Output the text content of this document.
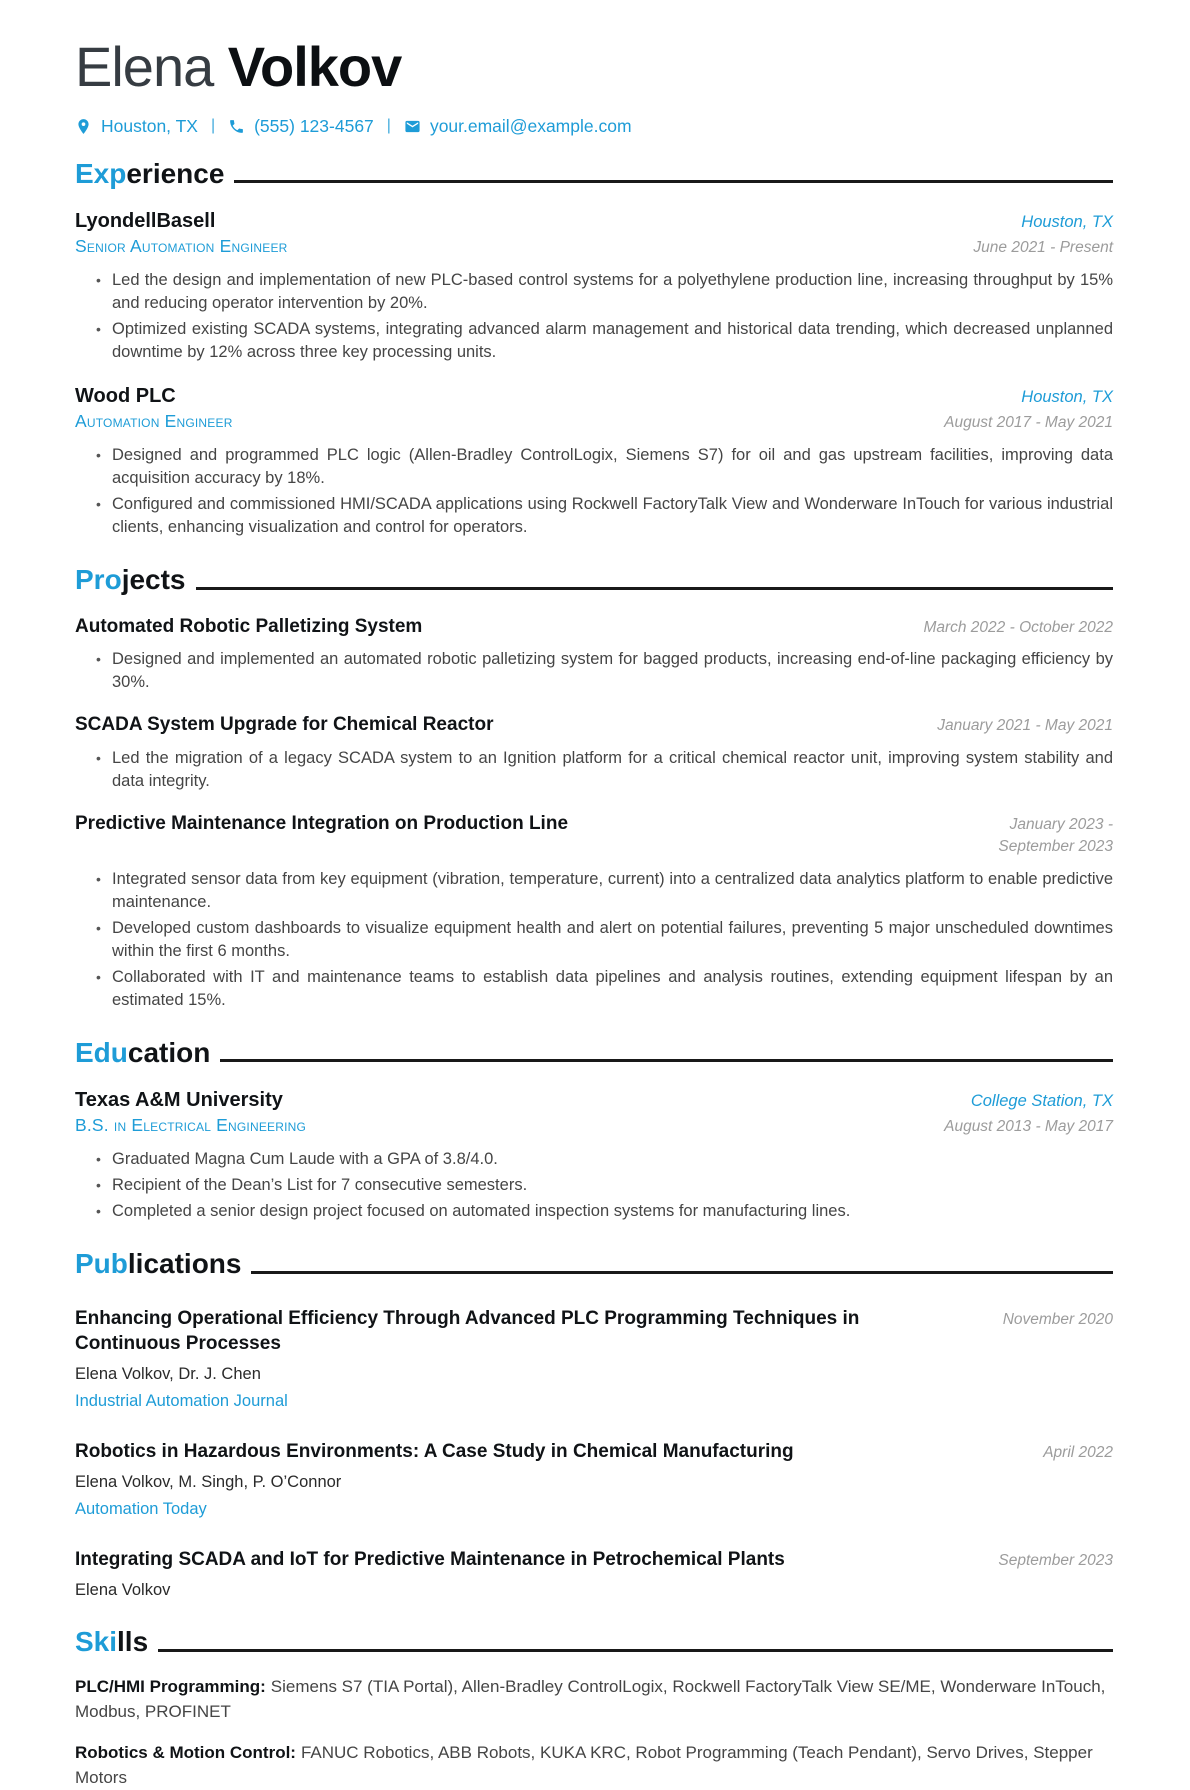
Elena Volkov
Houston, TX | (555) 123-4567 | your.email@example.com
Experience
LyondellBasell	Houston, TX
Senior Automation Engineer	June 2021 - Present
• Led the design and implementation of new PLC-based control systems for a polyethylene production line, increasing throughput by 15% and reducing operator intervention by 20%.
• Optimized existing SCADA systems, integrating advanced alarm management and historical data trending, which decreased unplanned downtime by 12% across three key processing units.
Wood PLC	Houston, TX
Automation Engineer	August 2017 - May 2021
• Designed and programmed PLC logic (Allen-Bradley ControlLogix, Siemens S7) for oil and gas upstream facilities, improving data acquisition accuracy by 18%.
• Configured and commissioned HMI/SCADA applications using Rockwell FactoryTalk View and Wonderware InTouch for various industrial clients, enhancing visualization and control for operators.
Projects
Automated Robotic Palletizing System	March 2022 - October 2022
• Designed and implemented an automated robotic palletizing system for bagged products, increasing end-of-line packaging efficiency by 30%.
SCADA System Upgrade for Chemical Reactor	January 2021 - May 2021
• Led the migration of a legacy SCADA system to an Ignition platform for a critical chemical reactor unit, improving system stability and data integrity.
Predictive Maintenance Integration on Production Line	January 2023 - September 2023
• Integrated sensor data from key equipment (vibration, temperature, current) into a centralized data analytics platform to enable predictive maintenance.
• Developed custom dashboards to visualize equipment health and alert on potential failures, preventing 5 major unscheduled downtimes within the first 6 months.
• Collaborated with IT and maintenance teams to establish data pipelines and analysis routines, extending equipment lifespan by an estimated 15%.
Education
Texas A&M University	College Station, TX
B.S. in Electrical Engineering	August 2013 - May 2017
• Graduated Magna Cum Laude with a GPA of 3.8/4.0.
• Recipient of the Dean’s List for 7 consecutive semesters.
• Completed a senior design project focused on automated inspection systems for manufacturing lines.
Publications
Enhancing Operational Efficiency Through Advanced PLC Programming Techniques in Continuous Processes
November 2020
Elena Volkov, Dr. J. Chen
Industrial Automation Journal
Robotics in Hazardous Environments: A Case Study in Chemical Manufacturing	April 2022
Elena Volkov, M. Singh, P. O’Connor
Automation Today
Integrating SCADA and IoT for Predictive Maintenance in Petrochemical Plants	September 2023
Elena Volkov
Skills

PLC/HMI Programming: Siemens S7 (TIA Portal), Allen-Bradley ControlLogix, Rockwell FactoryTalk View SE/ME, Wonderware InTouch, Modbus, PROFINET

Robotics & Motion Control: FANUC Robotics, ABB Robots, KUKA KRC, Robot Programming (Teach Pendant), Servo Drives, Stepper Motors
